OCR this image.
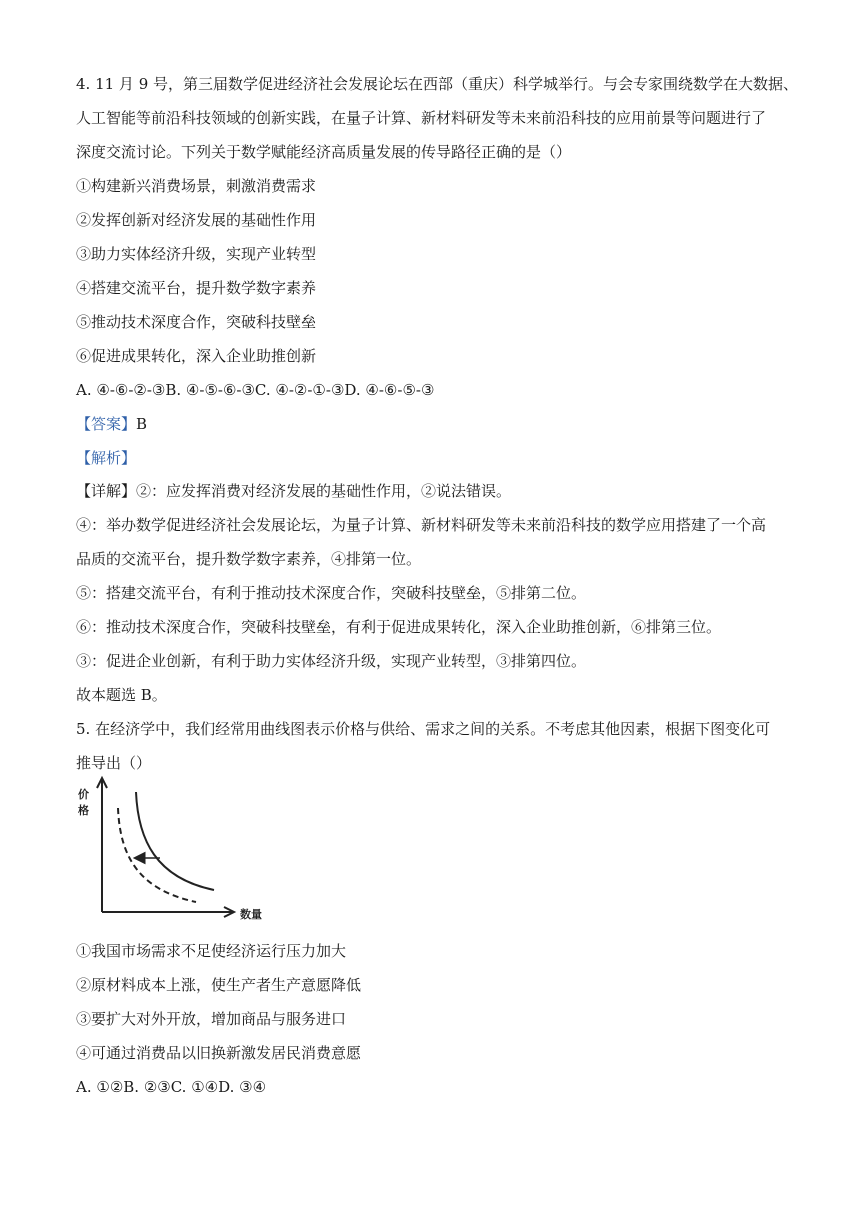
4. 11 月 9 号，第三届数学促进经济社会发展论坛在西部（重庆）科学城举行。与会专家围绕数学在大数据、
人工智能等前沿科技领域的创新实践，在量子计算、新材料研发等未来前沿科技的应用前景等问题进行了
深度交流讨论。下列关于数学赋能经济高质量发展的传导路径正确的是（）
①构建新兴消费场景，刺激消费需求
②发挥创新对经济发展的基础性作用
③助力实体经济升级，实现产业转型
④搭建交流平台，提升数学数字素养
⑤推动技术深度合作，突破科技壁垒
⑥促进成果转化，深入企业助推创新
A. ④-⑥-②-③B. ④-⑤-⑥-③C. ④-②-①-③D. ④-⑥-⑤-③
【答案】B
【解析】
【详解】②：应发挥消费对经济发展的基础性作用，②说法错误。
④：举办数学促进经济社会发展论坛，为量子计算、新材料研发等未来前沿科技的数学应用搭建了一个高
品质的交流平台，提升数学数字素养，④排第一位。
⑤：搭建交流平台，有利于推动技术深度合作，突破科技壁垒，⑤排第二位。
⑥：推动技术深度合作，突破科技壁垒，有利于促进成果转化，深入企业助推创新，⑥排第三位。
③：促进企业创新，有利于助力实体经济升级，实现产业转型，③排第四位。
故本题选 B。
5. 在经济学中，我们经常用曲线图表示价格与供给、需求之间的关系。不考虑其他因素，根据下图变化可
推导出（）
价
格
数量
①我国市场需求不足使经济运行压力加大
②原材料成本上涨，使生产者生产意愿降低
③要扩大对外开放，增加商品与服务进口
④可通过消费品以旧换新激发居民消费意愿
A. ①②B. ②③C. ①④D. ③④
